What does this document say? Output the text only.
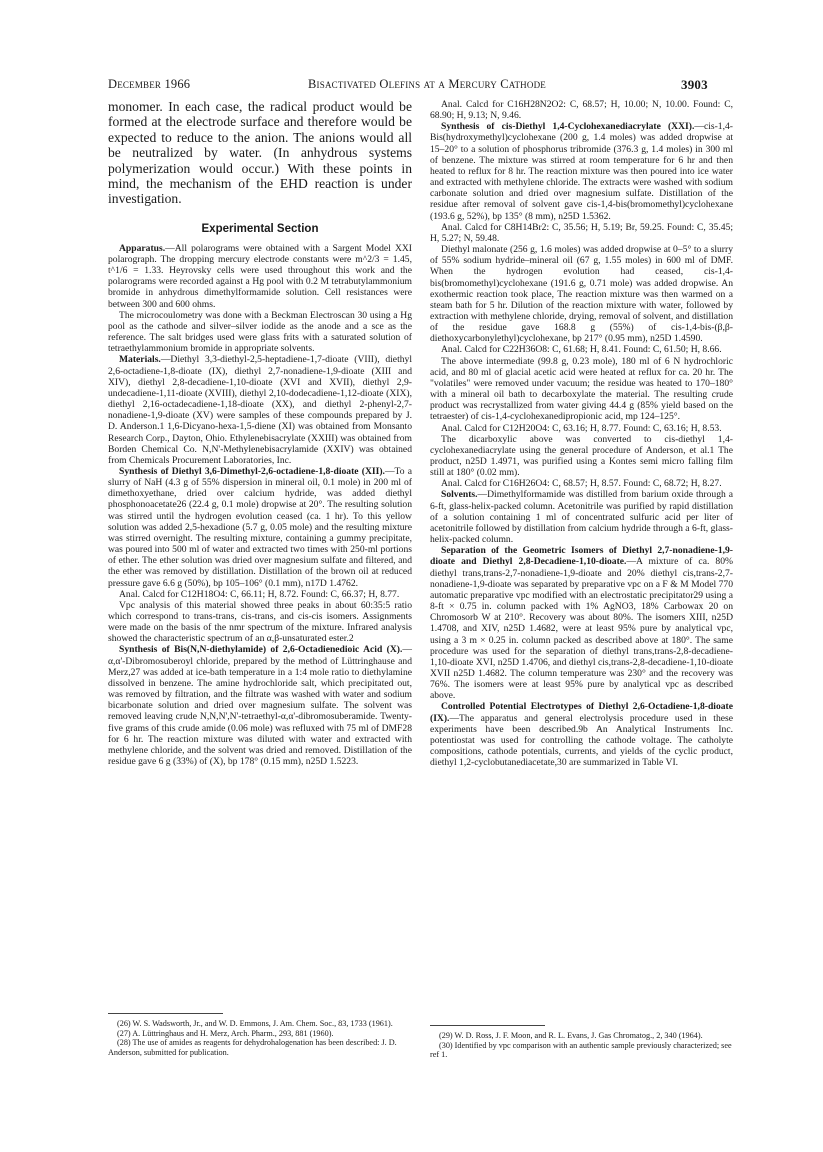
December 1966	Bisactivated Olefins at a Mercury Cathode	3903

monomer. In each case, the radical product would be formed at the electrode surface and therefore would be expected to reduce to the anion. The anions would all be neutralized by water. (In anhydrous systems polymerization would occur.) With these points in mind, the mechanism of the EHD reaction is under investigation.

Experimental Section

Apparatus.—All polarograms were obtained with a Sargent Model XXI polarograph. The dropping mercury electrode constants were m^2/3 = 1.45, t^1/6 = 1.33. Heyrovsky cells were used throughout this work and the polarograms were recorded against a Hg pool with 0.2 M tetrabutylammonium bromide in anhydrous dimethylformamide solution. Cell resistances were between 300 and 600 ohms.

The microcoulometry was done with a Beckman Electroscan 30 using a Hg pool as the cathode and silver–silver iodide as the anode and a sce as the reference. The salt bridges used were glass frits with a saturated solution of tetraethylammonium bromide in appropriate solvents.

Materials.—Diethyl 3,3-diethyl-2,5-heptadiene-1,7-dioate (VIII), diethyl 2,6-octadiene-1,8-dioate (IX), diethyl 2,7-nonadiene-1,9-dioate (XIII and XIV), diethyl 2,8-decadiene-1,10-dioate (XVI and XVII), diethyl 2,9-undecadiene-1,11-dioate (XVIII), diethyl 2,10-dodecadiene-1,12-dioate (XIX), diethyl 2,16-octadecadiene-1,18-dioate (XX), and diethyl 2-phenyl-2,7-nonadiene-1,9-dioate (XV) were samples of these compounds prepared by J. D. Anderson.1 1,6-Dicyano-hexa-1,5-diene (XI) was obtained from Monsanto Research Corp., Dayton, Ohio. Ethylenebisacrylate (XXIII) was obtained from Borden Chemical Co. N,N'-Methylenebisacrylamide (XXIV) was obtained from Chemicals Procurement Laboratories, Inc.

Synthesis of Diethyl 3,6-Dimethyl-2,6-octadiene-1,8-dioate (XII).—To a slurry of NaH (4.3 g of 55% dispersion in mineral oil, 0.1 mole) in 200 ml of dimethoxyethane, dried over calcium hydride, was added diethyl phosphonoacetate26 (22.4 g, 0.1 mole) dropwise at 20°. The resulting solution was stirred until the hydrogen evolution ceased (ca. 1 hr). To this yellow solution was added 2,5-hexadione (5.7 g, 0.05 mole) and the resulting mixture was stirred overnight. The resulting mixture, containing a gummy precipitate, was poured into 500 ml of water and extracted two times with 250-ml portions of ether. The ether solution was dried over magnesium sulfate and filtered, and the ether was removed by distillation. Distillation of the brown oil at reduced pressure gave 6.6 g (50%), bp 105–106° (0.1 mm), n17D 1.4762.

Anal. Calcd for C12H18O4: C, 66.11; H, 8.72. Found: C, 66.37; H, 8.77.

Vpc analysis of this material showed three peaks in about 60:35:5 ratio which correspond to trans-trans, cis-trans, and cis-cis isomers. Assignments were made on the basis of the nmr spectrum of the mixture. Infrared analysis showed the characteristic spectrum of an α,β-unsaturated ester.2

Synthesis of Bis(N,N-diethylamide) of 2,6-Octadienedioic Acid (X).—α,α'-Dibromosuberoyl chloride, prepared by the method of Lüttringhause and Merz,27 was added at ice-bath temperature in a 1:4 mole ratio to diethylamine dissolved in benzene. The amine hydrochloride salt, which precipitated out, was removed by filtration, and the filtrate was washed with water and sodium bicarbonate solution and dried over magnesium sulfate. The solvent was removed leaving crude N,N,N',N'-tetraethyl-α,α'-dibromosuberamide. Twenty-five grams of this crude amide (0.06 mole) was refluxed with 75 ml of DMF28 for 6 hr. The reaction mixture was diluted with water and extracted with methylene chloride, and the solvent was dried and removed. Distillation of the residue gave 6 g (33%) of (X), bp 178° (0.15 mm), n25D 1.5223.

(26) W. S. Wadsworth, Jr., and W. D. Emmons, J. Am. Chem. Soc., 83, 1733 (1961).

(27) A. Lüttringhaus and H. Merz, Arch. Pharm., 293, 881 (1960).

(28) The use of amides as reagents for dehydrohalogenation has been described: J. D. Anderson, submitted for publication.

Anal. Calcd for C16H28N2O2: C, 68.57; H, 10.00; N, 10.00. Found: C, 68.90; H, 9.13; N, 9.46.

Synthesis of cis-Diethyl 1,4-Cyclohexanediacrylate (XXI).—cis-1,4-Bis(hydroxymethyl)cyclohexane (200 g, 1.4 moles) was added dropwise at 15–20° to a solution of phosphorus tribromide (376.3 g, 1.4 moles) in 300 ml of benzene. The mixture was stirred at room temperature for 6 hr and then heated to reflux for 8 hr. The reaction mixture was then poured into ice water and extracted with methylene chloride. The extracts were washed with sodium carbonate solution and dried over magnesium sulfate. Distillation of the residue after removal of solvent gave cis-1,4-bis(bromomethyl)cyclohexane (193.6 g, 52%), bp 135° (8 mm), n25D 1.5362.

Anal. Calcd for C8H14Br2: C, 35.56; H, 5.19; Br, 59.25. Found: C, 35.45; H, 5.27; N, 59.48.

Diethyl malonate (256 g, 1.6 moles) was added dropwise at 0–5° to a slurry of 55% sodium hydride–mineral oil (67 g, 1.55 moles) in 600 ml of DMF. When the hydrogen evolution had ceased, cis-1,4-bis(bromomethyl)cyclohexane (191.6 g, 0.71 mole) was added dropwise. An exothermic reaction took place, The reaction mixture was then warmed on a steam bath for 5 hr. Dilution of the reaction mixture with water, followed by extraction with methylene chloride, drying, removal of solvent, and distillation of the residue gave 168.8 g (55%) of cis-1,4-bis-(β,β-diethoxycarbonylethyl)cyclohexane, bp 217° (0.95 mm), n25D 1.4590.

Anal. Calcd for C22H36O8: C, 61.68; H, 8.41. Found: C, 61.50; H, 8.66.

The above intermediate (99.8 g, 0.23 mole), 180 ml of 6 N hydrochloric acid, and 80 ml of glacial acetic acid were heated at reflux for ca. 20 hr. The "volatiles" were removed under vacuum; the residue was heated to 170–180° with a mineral oil bath to decarboxylate the material. The resulting crude product was recrystallized from water giving 44.4 g (85% yield based on the tetraester) of cis-1,4-cyclohexanedipropionic acid, mp 124–125°.

Anal. Calcd for C12H20O4: C, 63.16; H, 8.77. Found: C, 63.16; H, 8.53.

The dicarboxylic above was converted to cis-diethyl 1,4-cyclohexanediacrylate using the general procedure of Anderson, et al.1 The product, n25D 1.4971, was purified using a Kontes semi micro falling film still at 180° (0.02 mm).

Anal. Calcd for C16H26O4: C, 68.57; H, 8.57. Found: C, 68.72; H, 8.27.

Solvents.—Dimethylformamide was distilled from barium oxide through a 6-ft, glass-helix-packed column. Acetonitrile was purified by rapid distillation of a solution containing 1 ml of concentrated sulfuric acid per liter of acetonitrile followed by distillation from calcium hydride through a 6-ft, glass-helix-packed column.

Separation of the Geometric Isomers of Diethyl 2,7-nonadiene-1,9-dioate and Diethyl 2,8-Decadiene-1,10-dioate.—A mixture of ca. 80% diethyl trans,trans-2,7-nonadiene-1,9-dioate and 20% diethyl cis,trans-2,7-nonadiene-1,9-dioate was separated by preparative vpc on a F & M Model 770 automatic preparative vpc modified with an electrostatic precipitator29 using a 8-ft × 0.75 in. column packed with 1% AgNO3, 18% Carbowax 20 on Chromosorb W at 210°. Recovery was about 80%. The isomers XIII, n25D 1.4708, and XIV, n25D 1.4682, were at least 95% pure by analytical vpc, using a 3 m × 0.25 in. column packed as described above at 180°. The same procedure was used for the separation of diethyl trans,trans-2,8-decadiene-1,10-dioate XVI, n25D 1.4706, and diethyl cis,trans-2,8-decadiene-1,10-dioate XVII n25D 1.4682. The column temperature was 230° and the recovery was 76%. The isomers were at least 95% pure by analytical vpc as described above.

Controlled Potential Electrotypes of Diethyl 2,6-Octadiene-1,8-dioate (IX).—The apparatus and general electrolysis procedure used in these experiments have been described.9b An Analytical Instruments Inc. potentiostat was used for controlling the cathode voltage. The catholyte compositions, cathode potentials, currents, and yields of the cyclic product, diethyl 1,2-cyclobutanediacetate,30 are summarized in Table VI.

(29) W. D. Ross, J. F. Moon, and R. L. Evans, J. Gas Chromatog., 2, 340 (1964).

(30) Identified by vpc comparison with an authentic sample previously characterized; see ref 1.
